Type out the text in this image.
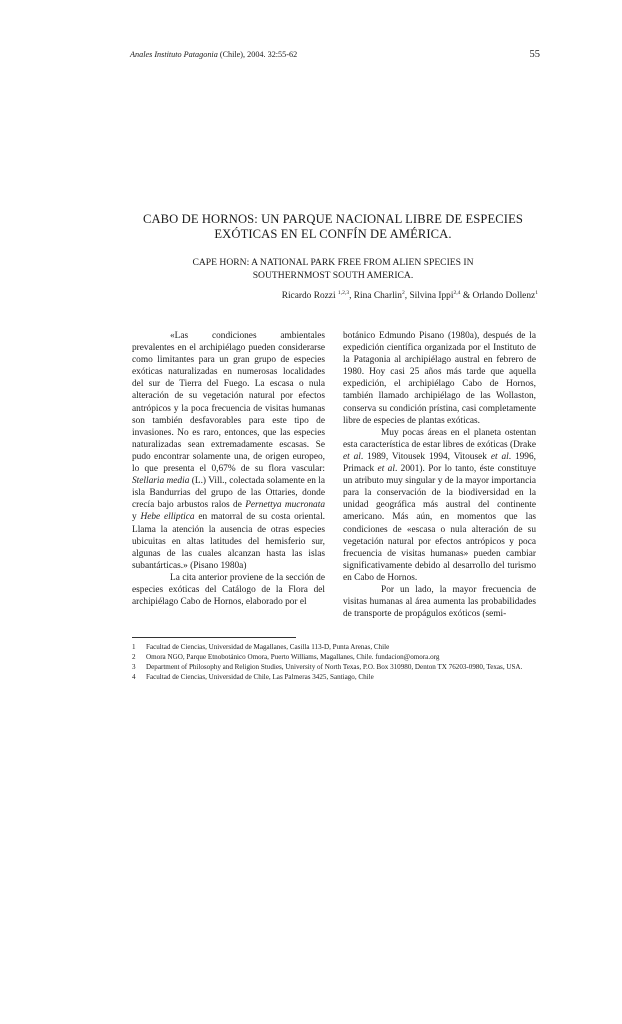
Anales Instituto Patagonia (Chile), 2004. 32:55-62	55
CABO DE HORNOS: UN PARQUE NACIONAL LIBRE DE ESPECIES
EXÓTICAS EN EL CONFÍN DE AMÉRICA.
CAPE HORN: A NATIONAL PARK FREE FROM ALIEN SPECIES IN
SOUTHERNMOST SOUTH AMERICA.
Ricardo Rozzi $^{1,2,3}$, Rina Charlin$^2$, Silvina Ippi$^{2,4}$ & Orlando Dollenz$^1$

«Las condiciones ambientales prevalentes en el archipiélago pueden considerarse como limitantes para un gran grupo de especies exóticas naturalizadas en numerosas localidades del sur de Tierra del Fuego. La escasa o nula alteración de su vegetación natural por efectos antrópicos y la poca frecuencia de visitas humanas son también desfavorables para este tipo de invasiones. No es raro, entonces, que las especies naturalizadas sean extremadamente escasas. Se pudo encontrar solamente una, de origen europeo, lo que presenta el 0,67% de su flora vascular: Stellaria media (L.) Vill., colectada solamente en la isla Bandurrias del grupo de las Ottaries, donde crecía bajo arbustos ralos de Pernettya mucronata y Hebe elliptica en matorral de su costa oriental. Llama la atención la ausencia de otras especies ubicuitas en altas latitudes del hemisferio sur, algunas de las cuales alcanzan hasta las islas subantárticas.» (Pisano 1980a)

La cita anterior proviene de la sección de especies exóticas del Catálogo de la Flora del archipiélago Cabo de Hornos, elaborado por el

botánico Edmundo Pisano (1980a), después de la expedición científica organizada por el Instituto de la Patagonia al archipiélago austral en febrero de 1980. Hoy casi 25 años más tarde que aquella expedición, el archipiélago Cabo de Hornos, también llamado archipiélago de las Wollaston, conserva su condición prístina, casi completamente libre de especies de plantas exóticas.

Muy pocas áreas en el planeta ostentan esta característica de estar libres de exóticas (Drake et al. 1989, Vitousek 1994, Vitousek et al. 1996, Primack et al. 2001). Por lo tanto, éste constituye un atributo muy singular y de la mayor importancia para la conservación de la biodiversidad en la unidad geográfica más austral del continente americano. Más aún, en momentos que las condiciones de «escasa o nula alteración de su vegetación natural por efectos antrópicos y poca frecuencia de visitas humanas» pueden cambiar significativamente debido al desarrollo del turismo en Cabo de Hornos.

Por un lado, la mayor frecuencia de visitas humanas al área aumenta las probabilidades de transporte de propágulos exóticos (semi-

1	Facultad de Ciencias, Universidad de Magallanes, Casilla 113-D, Punta Arenas, Chile
2	Omora NGO, Parque Etnobotánico Omora, Puerto Williams, Magallanes, Chile. fundacion@omora.org
3	Department of Philosophy and Religion Studies, University of North Texas, P.O. Box 310980, Denton TX 76203-0980, Texas, USA.
4	Facultad de Ciencias, Universidad de Chile, Las Palmeras 3425, Santiago, Chile
